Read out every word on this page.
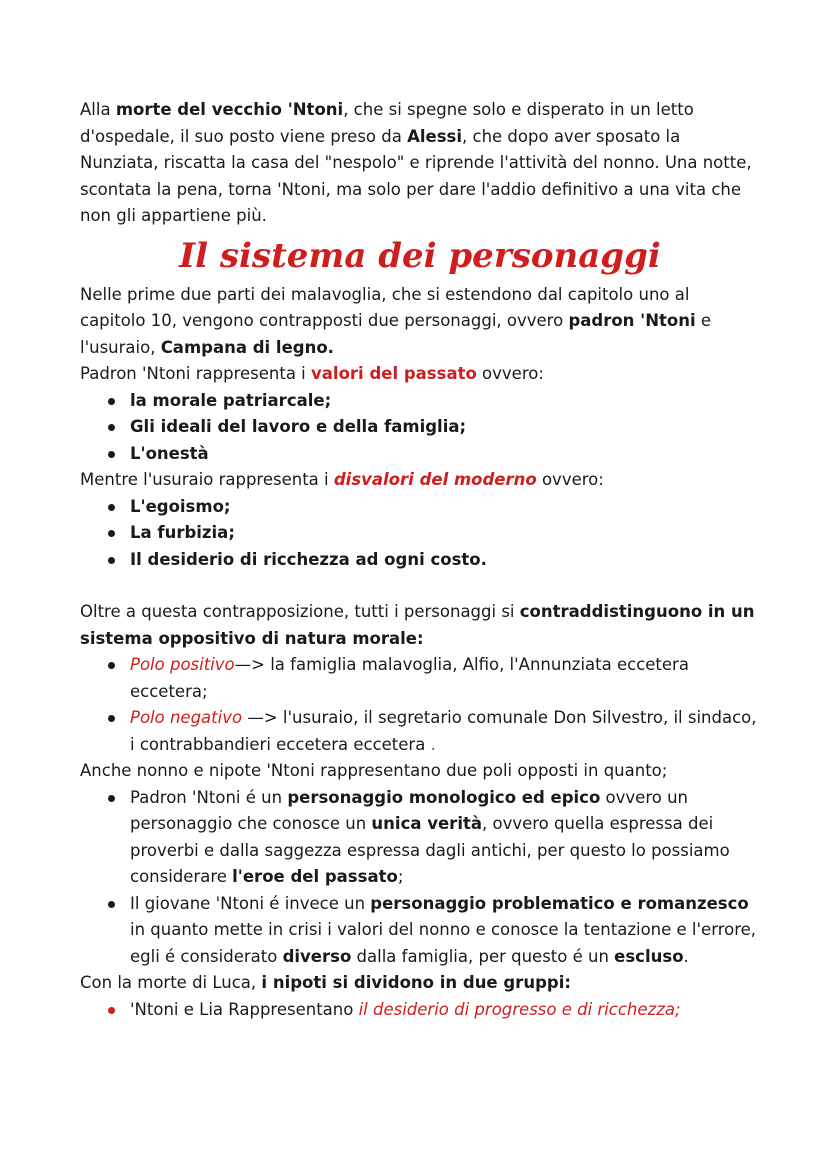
Alla morte del vecchio 'Ntoni, che si spegne solo e disperato in un letto d'ospedale, il suo posto viene preso da Alessi, che dopo aver sposato la Nunziata, riscatta la casa del "nespolo" e riprende l'attività del nonno. Una notte, scontata la pena, torna 'Ntoni, ma solo per dare l'addio definitivo a una vita che non gli appartiene più.

Il sistema dei personaggi

Nelle prime due parti dei malavoglia, che si estendono dal capitolo uno al capitolo 10, vengono contrapposti due personaggi, ovvero padron 'Ntoni e l'usuraio, Campana di legno.

Padron 'Ntoni rappresenta i valori del passato ovvero:

la morale patriarcale;
Gli ideali del lavoro e della famiglia;
L'onestà

Mentre l'usuraio rappresenta i disvalori del moderno ovvero:

L'egoismo;
La furbizia;
Il desiderio di ricchezza ad ogni costo.

Oltre a questa contrapposizione, tutti i personaggi si contraddistinguono in un sistema oppositivo di natura morale:

Polo positivo—> la famiglia malavoglia, Alfio, l'Annunziata eccetera eccetera;
Polo negativo —> l'usuraio, il segretario comunale Don Silvestro, il sindaco, i contrabbandieri eccetera eccetera .

Anche nonno e nipote 'Ntoni rappresentano due poli opposti in quanto;

Padron 'Ntoni é un personaggio monologico ed epico ovvero un personaggio che conosce un unica verità, ovvero quella espressa dei proverbi e dalla saggezza espressa dagli antichi, per questo lo possiamo considerare l'eroe del passato;
Il giovane 'Ntoni é invece un personaggio problematico e romanzesco in quanto mette in crisi i valori del nonno e conosce la tentazione e l'errore, egli é considerato diverso dalla famiglia, per questo é un escluso.

Con la morte di Luca, i nipoti si dividono in due gruppi:

'Ntoni e Lia Rappresentano il desiderio di progresso e di ricchezza;
